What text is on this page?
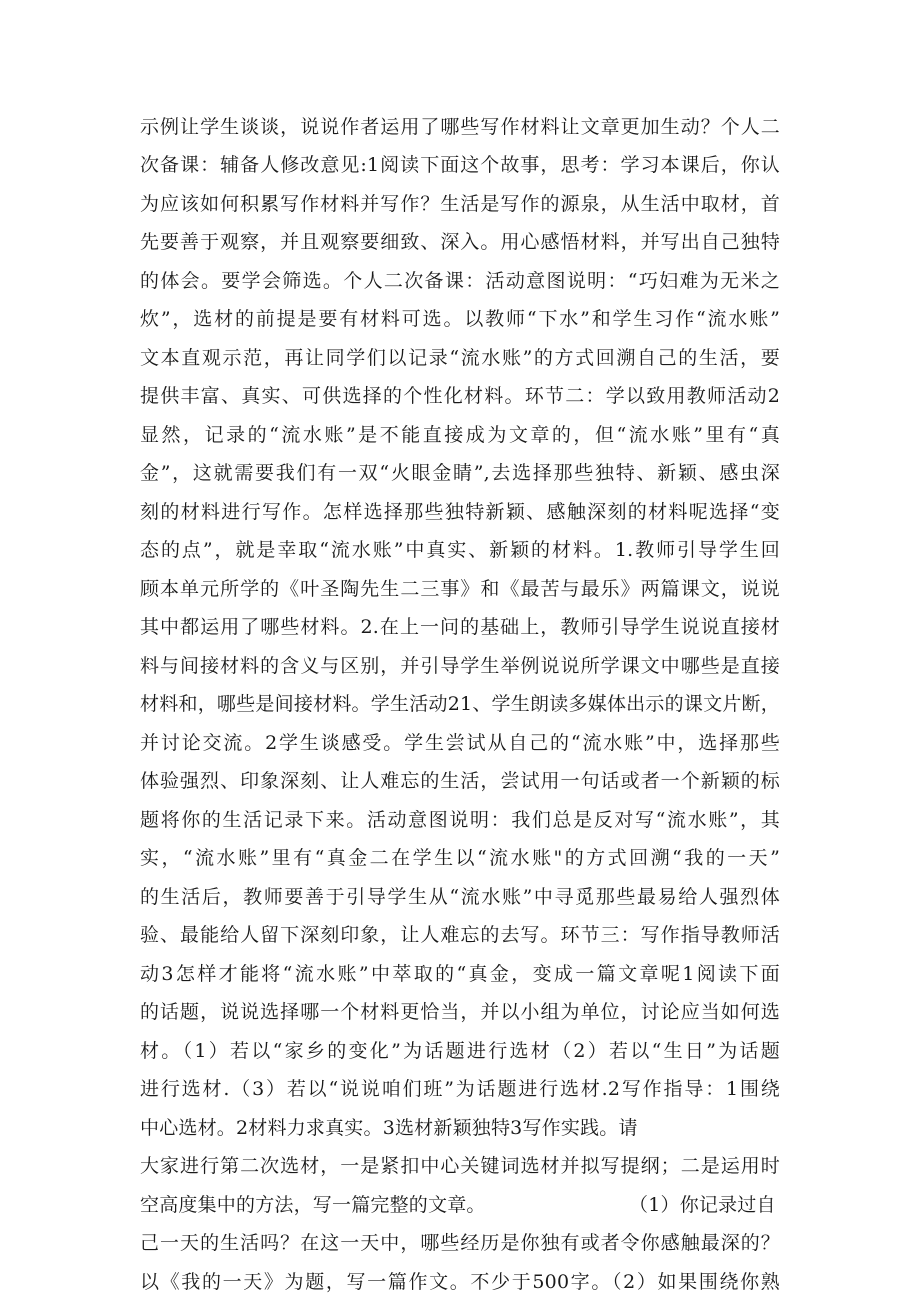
示例让学生谈谈，说说作者运用了哪些写作材料让文章更加生动？个人二
次备课：辅备人修改意见:1阅读下面这个故事，思考：学习本课后，你认
为应该如何积累写作材料并写作？生活是写作的源泉，从生活中取材，首
先要善于观察，并且观察要细致、深入。用心感悟材料，并写出自己独特
的体会。要学会筛选。个人二次备课：活动意图说明：“巧妇难为无米之
炊”，选材的前提是要有材料可选。以教师“下水”和学生习作“流水账”
文本直观示范，再让同学们以记录“流水账”的方式回溯自己的生活，要
提供丰富、真实、可供选择的个性化材料。环节二：学以致用教师活动2
显然，记录的“流水账”是不能直接成为文章的，但“流水账”里有“真
金”，这就需要我们有一双“火眼金睛”,去选择那些独特、新颖、感虫深
刻的材料进行写作。怎样选择那些独特新颖、感触深刻的材料呢选择“变
态的点”，就是幸取“流水账”中真实、新颖的材料。1.教师引导学生回
顾本单元所学的《叶圣陶先生二三事》和《最苦与最乐》两篇课文，说说
其中都运用了哪些材料。2.在上一问的基础上，教师引导学生说说直接材
料与间接材料的含义与区别，并引导学生举例说说所学课文中哪些是直接
材料和，哪些是间接材料。学生活动21、学生朗读多媒体出示的课文片断，
并讨论交流。2学生谈感受。学生尝试从自己的“流水账”中，选择那些
体验强烈、印象深刻、让人难忘的生活，尝试用一句话或者一个新颖的标
题将你的生活记录下来。活动意图说明：我们总是反对写“流水账”，其
实，“流水账”里有“真金二在学生以“流水账"的方式回溯“我的一天”
的生活后，教师要善于引导学生从“流水账”中寻觅那些最易给人强烈体
验、最能给人留下深刻印象，让人难忘的去写。环节三：写作指导教师活
动3怎样才能将“流水账”中萃取的“真金，变成一篇文章呢1阅读下面
的话题，说说选择哪一个材料更恰当，并以小组为单位，讨论应当如何选
材。（1）若以“家乡的变化”为话题进行选材（2）若以“生日”为话题
进行选材.（3）若以“说说咱们班”为话题进行选材.2写作指导：1围绕
中心选材。2材料力求真实。3选材新颖独特3写作实践。请
大家进行第二次选材，一是紧扣中心关键词选材并拟写提纲；二是运用时
空高度集中的方法，写一篇完整的文章。	（1）你记录过自
己一天的生活吗？在这一天中，哪些经历是你独有或者令你感触最深的？
以《我的一天》为题，写一篇作文。不少于500字。（2）如果围绕你熟
